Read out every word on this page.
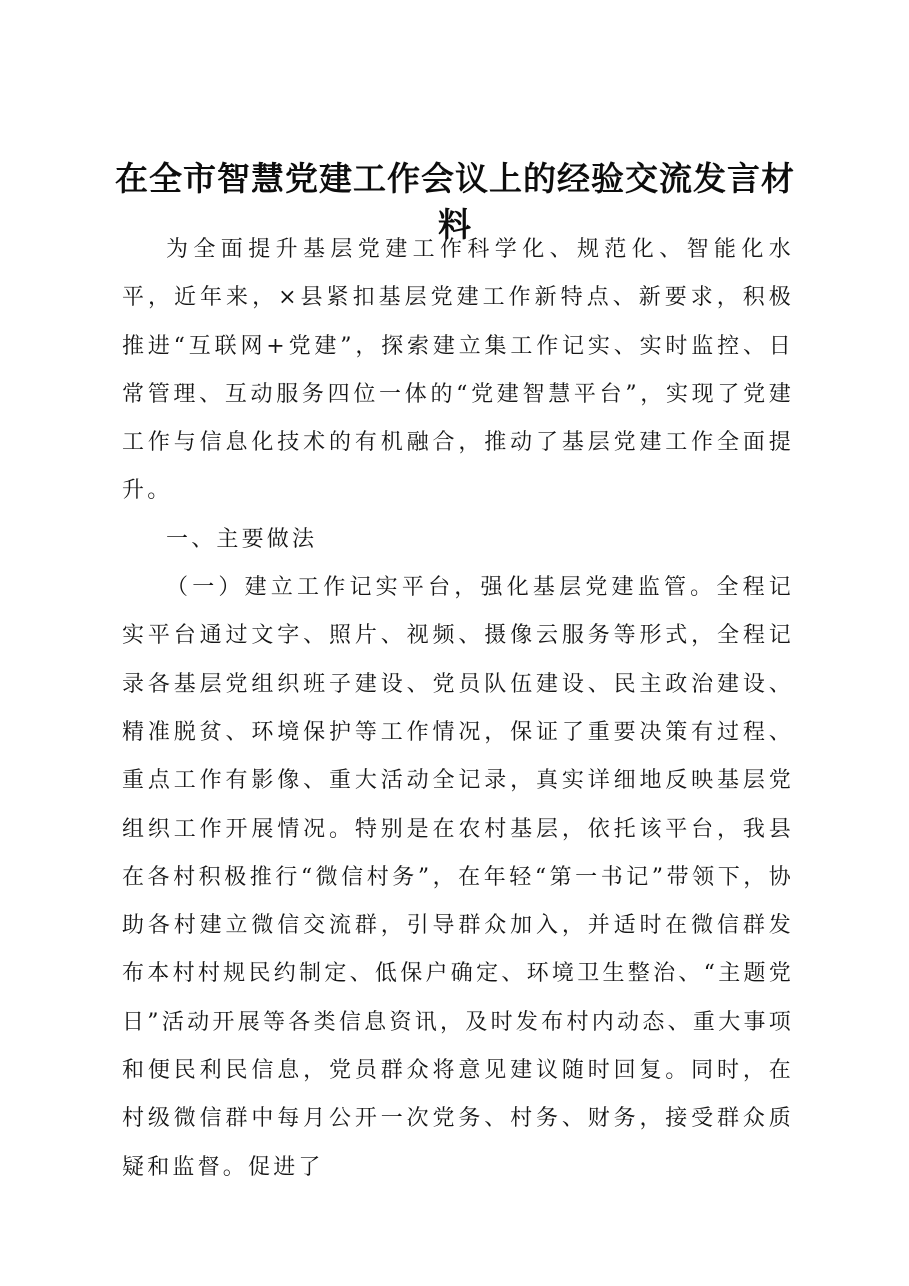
在全市智慧党建工作会议上的经验交流发言材料

为全面提升基层党建工作科学化、规范化、智能化水平，近年来，×县紧扣基层党建工作新特点、新要求，积极推进“互联网+党建”，探索建立集工作记实、实时监控、日常管理、互动服务四位一体的“党建智慧平台”，实现了党建工作与信息化技术的有机融合，推动了基层党建工作全面提升。

一、主要做法

（一）建立工作记实平台，强化基层党建监管。全程记实平台通过文字、照片、视频、摄像云服务等形式，全程记录各基层党组织班子建设、党员队伍建设、民主政治建设、精准脱贫、环境保护等工作情况，保证了重要决策有过程、重点工作有影像、重大活动全记录，真实详细地反映基层党组织工作开展情况。特别是在农村基层，依托该平台，我县在各村积极推行“微信村务”，在年轻“第一书记”带领下，协助各村建立微信交流群，引导群众加入，并适时在微信群发布本村村规民约制定、低保户确定、环境卫生整治、“主题党日”活动开展等各类信息资讯，及时发布村内动态、重大事项和便民利民信息，党员群众将意见建议随时回复。同时，在村级微信群中每月公开一次党务、村务、财务，接受群众质疑和监督。促进了
